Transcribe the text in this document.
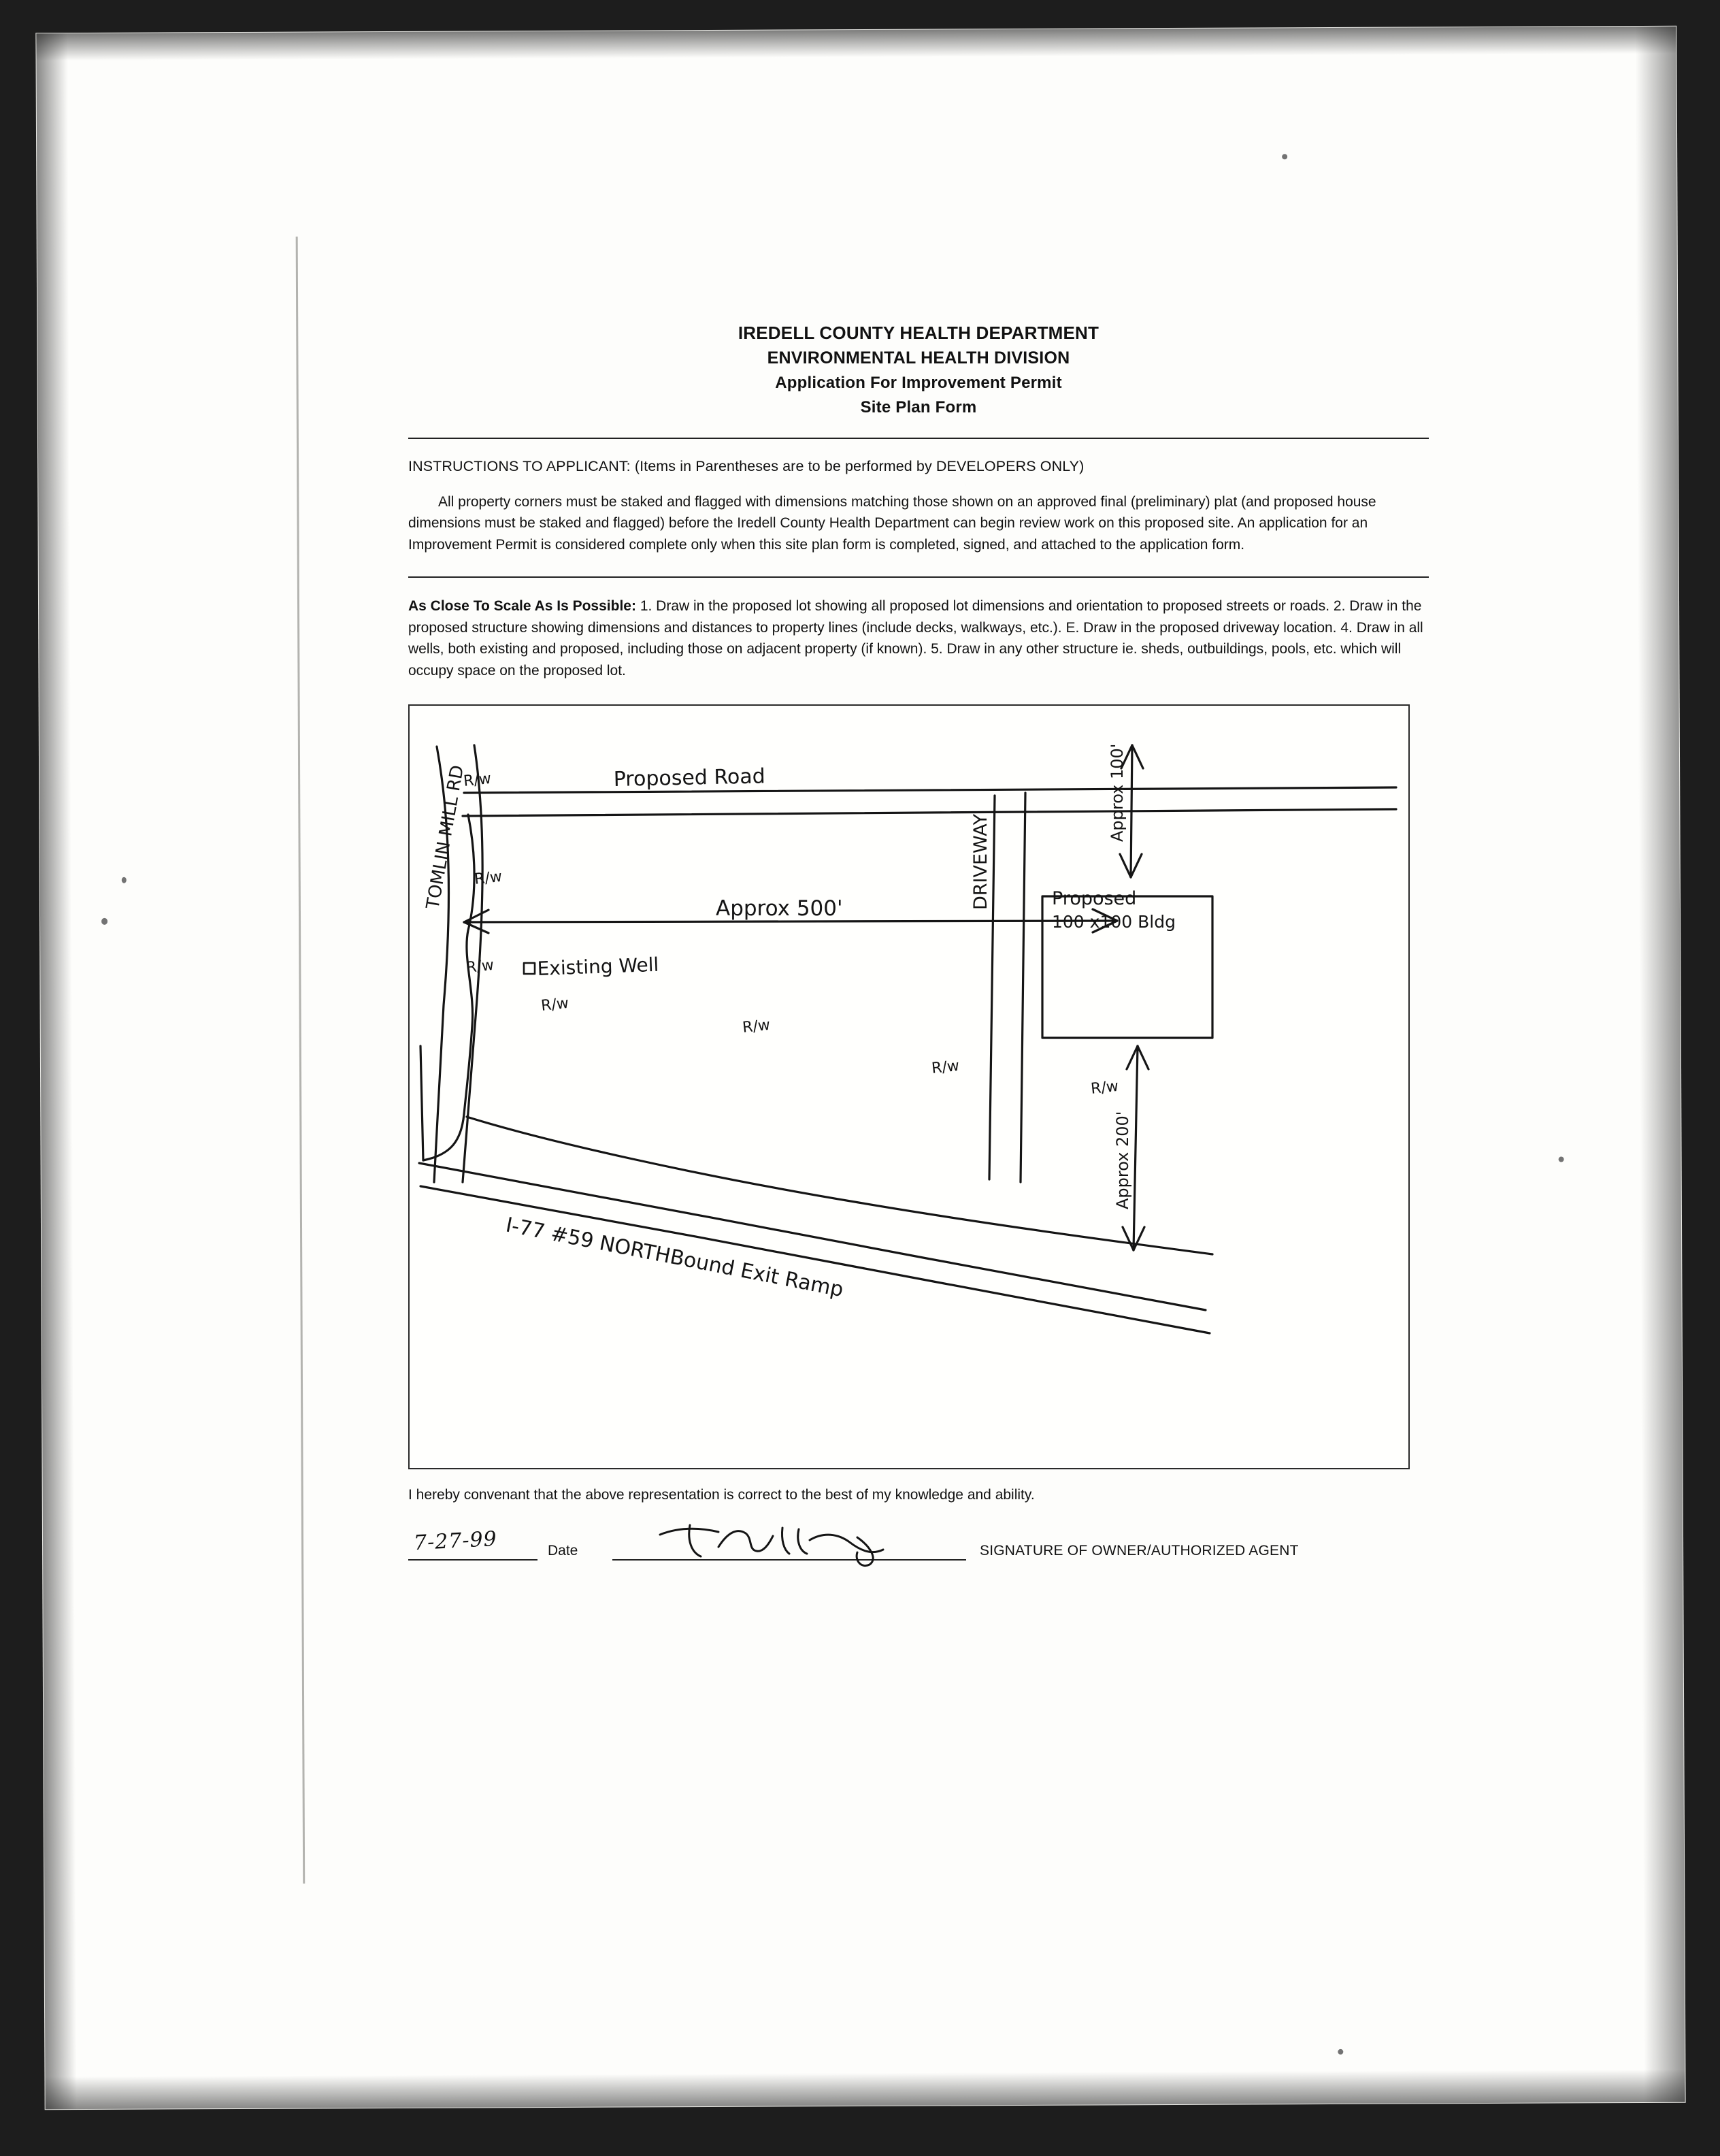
IREDELL COUNTY HEALTH DEPARTMENT
ENVIRONMENTAL HEALTH DIVISION
Application For Improvement Permit
Site Plan Form
INSTRUCTIONS TO APPLICANT: (Items in Parentheses are to be performed by DEVELOPERS ONLY)
All property corners must be staked and flagged with dimensions matching those shown on an approved final (preliminary) plat (and proposed house dimensions must be staked and flagged) before the Iredell County Health Department can begin review work on this proposed site. An application for an Improvement Permit is considered complete only when this site plan form is completed, signed, and attached to the application form.
As Close To Scale As Is Possible: 1. Draw in the proposed lot showing all proposed lot dimensions and orientation to proposed streets or roads. 2. Draw in the proposed structure showing dimensions and distances to property lines (include decks, walkways, etc.). E. Draw in the proposed driveway location. 4. Draw in all wells, both existing and proposed, including those on adjacent property (if known). 5. Draw in any other structure ie. sheds, outbuildings, pools, etc. which will occupy space on the proposed lot.
Proposed Road
TOMLIN MILL RD	DRIVEWAY	Proposed
100 x100 Bldg
Approx 500'
Approx 100'
Approx 200'
Existing Well
I-77 #59 NORTHBound Exit Ramp
R/w
R/w
R/w
R/w
R/w
R/w
R/w
I hereby convenant that the above representation is correct to the best of my knowledge and ability.
7-27-99	Date	SIGNATURE OF OWNER/AUTHORIZED AGENT
